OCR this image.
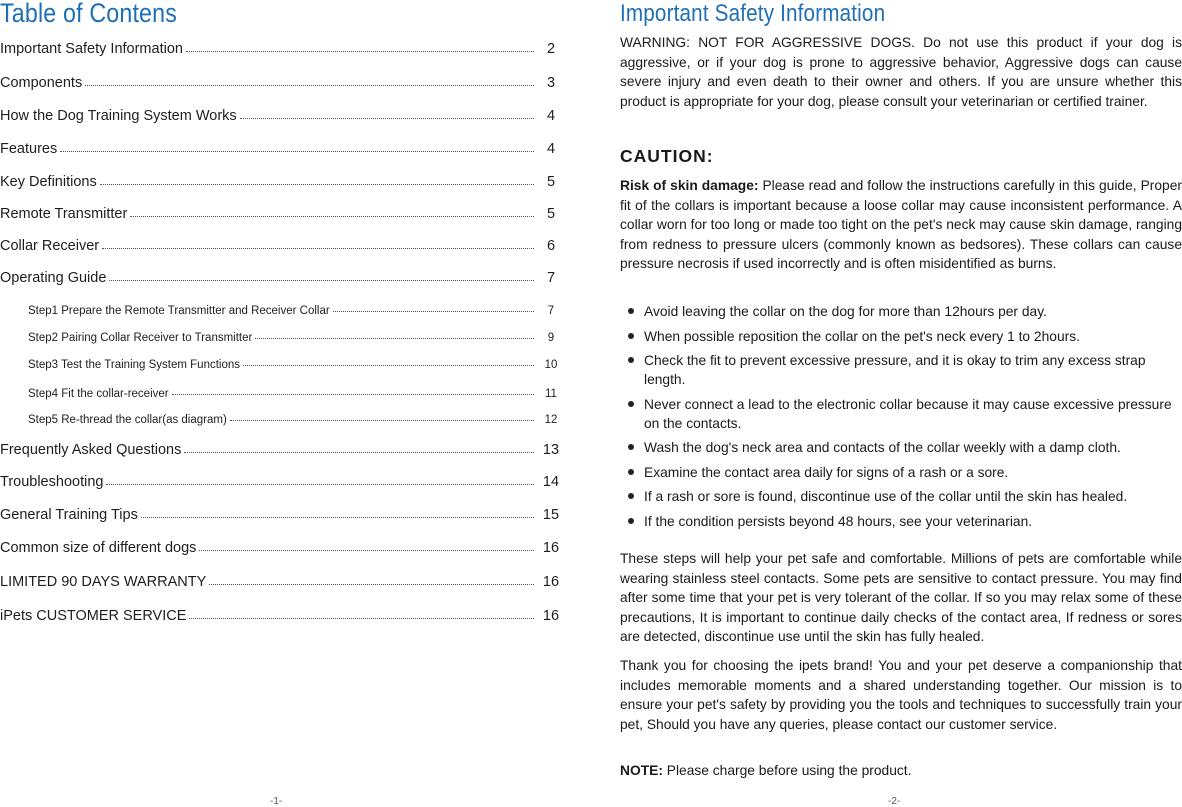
Table of Contens
Important Safety Information	2
Components	3
How the Dog Training System Works	4
Features	4
Key Definitions	5
Remote Transmitter	5
Collar Receiver	6
Operating Guide	7
Step1 Prepare the Remote Transmitter and Receiver Collar	7
Step2 Pairing Collar Receiver to Transmitter	9
Step3 Test the Training System Functions	10
Step4 Fit the collar-receiver	11
Step5 Re-thread the collar(as diagram)	12
Frequently Asked Questions	13
Troubleshooting	14
General Training Tips	15
Common size of different dogs	16
LIMITED 90 DAYS WARRANTY	16
iPets CUSTOMER SERVICE	16
-1-
Important Safety Information
WARNING: NOT FOR AGGRESSIVE DOGS. Do not use this product if your dog is aggressive, or if your dog is prone to aggressive behavior, Aggressive dogs can cause severe injury and even death to their owner and others. If you are unsure whether this product is appropriate for your dog, please consult your veterinarian or certified trainer.
CAUTION:
Risk of skin damage: Please read and follow the instructions carefully in this guide, Proper fit of the collars is important because a loose collar may cause inconsistent performance. A collar worn for too long or made too tight on the pet's neck may cause skin damage, ranging from redness to pressure ulcers (commonly known as bedsores). These collars can cause pressure necrosis if used incorrectly and is often misidentified as burns.
Avoid leaving the collar on the dog for more than 12hours per day.
When possible reposition the collar on the pet's neck every 1 to 2hours.
Check the fit to prevent excessive pressure, and it is okay to trim any excess strap length.
Never connect a lead to the electronic collar because it may cause excessive pressure on the contacts.
Wash the dog's neck area and contacts of the collar weekly with a damp cloth.
Examine the contact area daily for signs of a rash or a sore.
If a rash or sore is found, discontinue use of the collar until the skin has healed.
If the condition persists beyond 48 hours, see your veterinarian.
These steps will help your pet safe and comfortable. Millions of pets are comfortable while wearing stainless steel contacts. Some pets are sensitive to contact pressure. You may find after some time that your pet is very tolerant of the collar. If so you may relax some of these precautions, It is important to continue daily checks of the contact area, If redness or sores are detected, discontinue use until the skin has fully healed.
Thank you for choosing the ipets brand! You and your pet deserve a companionship that includes memorable moments and a shared understanding together. Our mission is to ensure your pet's safety by providing you the tools and techniques to successfully train your pet, Should you have any queries, please contact our customer service.
NOTE: Please charge before using the product.
-2-
